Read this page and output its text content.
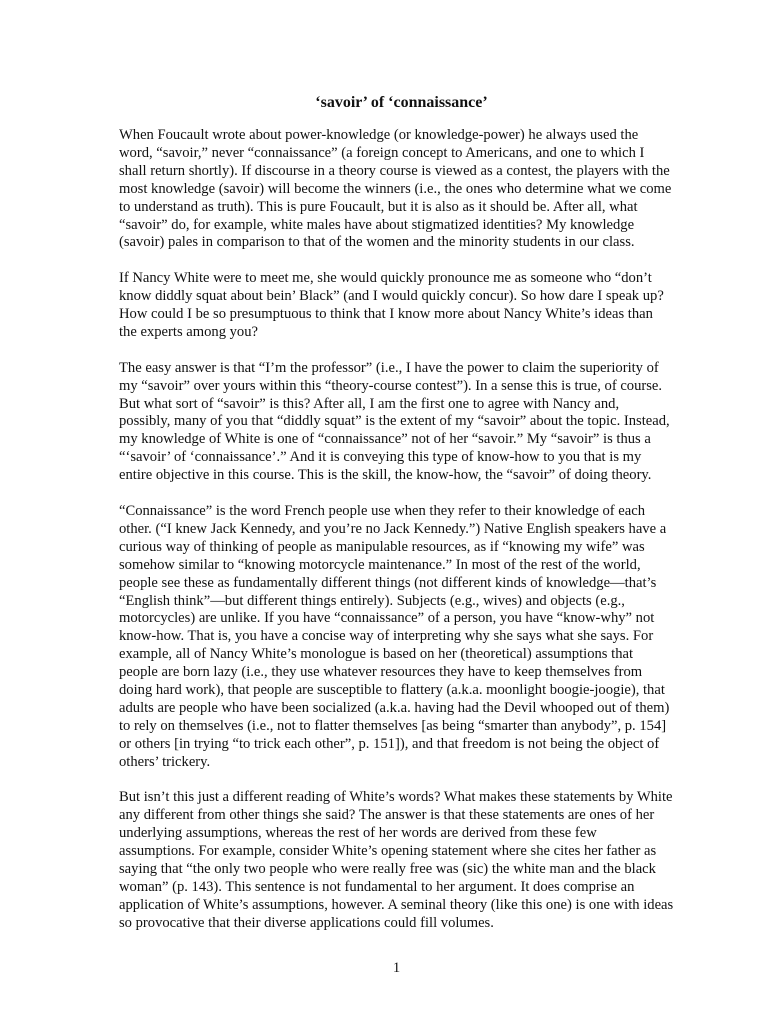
‘savoir’ of ‘connaissance’

When Foucault wrote about power-knowledge (or knowledge-power) he always used the word, “savoir,” never “connaissance” (a foreign concept to Americans, and one to which I shall return shortly). If discourse in a theory course is viewed as a contest, the players with the most knowledge (savoir) will become the winners (i.e., the ones who determine what we come to understand as truth). This is pure Foucault, but it is also as it should be. After all, what “savoir” do, for example, white males have about stigmatized identities? My knowledge (savoir) pales in comparison to that of the women and the minority students in our class.

If Nancy White were to meet me, she would quickly pronounce me as someone who “don’t know diddly squat about bein’ Black” (and I would quickly concur). So how dare I speak up? How could I be so presumptuous to think that I know more about Nancy White’s ideas than the experts among you?

The easy answer is that “I’m the professor” (i.e., I have the power to claim the superiority of my “savoir” over yours within this “theory-course contest”). In a sense this is true, of course. But what sort of “savoir” is this? After all, I am the first one to agree with Nancy and, possibly, many of you that “diddly squat” is the extent of my “savoir” about the topic. Instead, my knowledge of White is one of “connaissance” not of her “savoir.” My “savoir” is thus a “‘savoir’ of ‘connaissance’.” And it is conveying this type of know-how to you that is my entire objective in this course. This is the skill, the know-how, the “savoir” of doing theory.

“Connaissance” is the word French people use when they refer to their knowledge of each other. (“I knew Jack Kennedy, and you’re no Jack Kennedy.”) Native English speakers have a curious way of thinking of people as manipulable resources, as if “knowing my wife” was somehow similar to “knowing motorcycle maintenance.” In most of the rest of the world, people see these as fundamentally different things (not different kinds of knowledge—that’s “English think”—but different things entirely). Subjects (e.g., wives) and objects (e.g., motorcycles) are unlike. If you have “connaissance” of a person, you have “know-why” not know-how. That is, you have a concise way of interpreting why she says what she says. For example, all of Nancy White’s monologue is based on her (theoretical) assumptions that people are born lazy (i.e., they use whatever resources they have to keep themselves from doing hard work), that people are susceptible to flattery (a.k.a. moonlight boogie-joogie), that adults are people who have been socialized (a.k.a. having had the Devil whooped out of them) to rely on themselves (i.e., not to flatter themselves [as being “smarter than anybody”, p. 154] or others [in trying “to trick each other”, p. 151]), and that freedom is not being the object of others’ trickery.

But isn’t this just a different reading of White’s words? What makes these statements by White any different from other things she said? The answer is that these statements are ones of her underlying assumptions, whereas the rest of her words are derived from these few assumptions. For example, consider White’s opening statement where she cites her father as saying that “the only two people who were really free was (sic) the white man and the black woman” (p. 143). This sentence is not fundamental to her argument. It does comprise an application of White’s assumptions, however. A seminal theory (like this one) is one with ideas so provocative that their diverse applications could fill volumes.

1
